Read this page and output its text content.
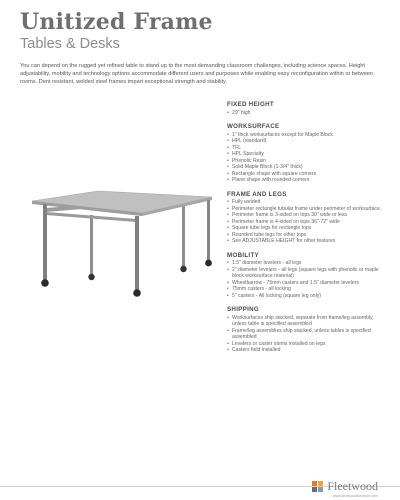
Unitized Frame
Tables & Desks
You can depend on the rugged yet refined table to stand up to the most demanding classroom challenges, including science spaces. Height adjustability, mobility and technology options accommodate different users and purposes while enabling easy reconfiguration within or between rooms. Dent resistant, welded steel frames impart exceptional strength and stability.
FIXED HEIGHT
• 29" high
WORKSURFACE
• 1" thick worksurfaces except for Maple Block
• HPL (standard)
• TFL
• HPL Specialty
• Phenolic Resin
• Solid Maple Block (1-3/4" thick)
• Rectangle shape with square corners
• Plane shape with rounded corners
FRAME AND LEGS
• Fully welded
• Perimeter rectangle tubular frame under perimeter of worksurface.
• Perimeter frame is 3-sided on tops 30" wide or less
• Perimeter frame is 4-sided on tops 36"-72" wide
• Square tube legs for rectangle tops
• Rounded tube legs for other tops
• See ADJUSTABLE HEIGHT for other features
MOBILITY
• 1.5" diameter levelers - all legs
• 2" diameter levelers - all legs (square legs with phenolic or maple block worksurface material)
• Wheelbarrow - 75mm casters and 1.5" diameter levelers
• 75mm casters - all locking
• 5" casters - All locking (square leg only)
SHIPPING
• Worksurfaces ship stacked, separate from frame/leg assembly, unless table is specified assembled
• Frame/leg assemblies ship stacked, unless tables is specified assembled
• Levelers or caster stems installed on legs
• Casters field installed
Fleetwood
www.fleetwoodfurniture.com
